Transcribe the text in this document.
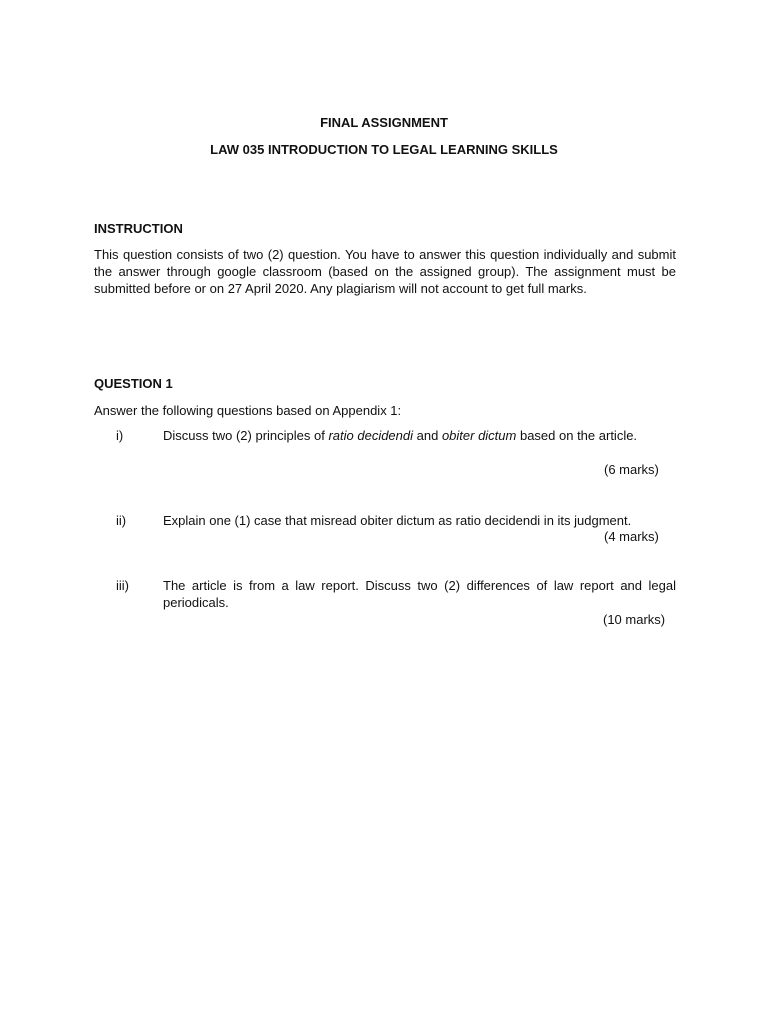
FINAL ASSIGNMENT
LAW 035 INTRODUCTION TO LEGAL LEARNING SKILLS
INSTRUCTION
This question consists of two (2) question. You have to answer this question individually and submit the answer through google classroom (based on the assigned group). The assignment must be submitted before or on 27 April 2020. Any plagiarism will not account to get full marks.
QUESTION 1
Answer the following questions based on Appendix 1:
i)	Discuss two (2) principles of ratio decidendi and obiter dictum based on the article.
(6 marks)
ii)	Explain one (1) case that misread obiter dictum as ratio decidendi in its judgment.
(4 marks)
iii)	The article is from a law report. Discuss two (2) differences of law report and legal periodicals.
(10 marks)
